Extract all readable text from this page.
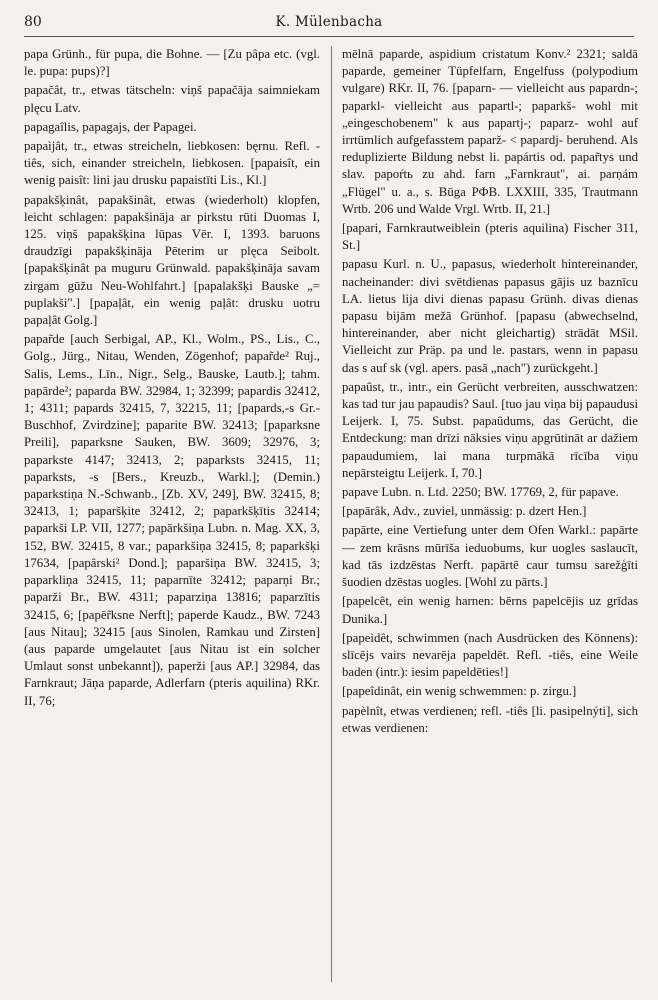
80	K. Mülenbacha

papa Grünh., für pupa, die Bohne. — [Zu pâpa etc. (vgl. le. pupa: pups)?]

papačât, tr., etwas tätscheln: viņš papačāja saimniekam plęcu Latv.

papagaîlis, papagajs, der Papagei.

papaìjât, tr., etwas streicheln, liebkosen: bęrnu. Refl. -tiês, sich, einander streicheln, liebkosen. [papaisît, ein wenig paisît: lini jau drusku papaistīti Lis., Kl.]

papakšķinât, papakšinât, etwas (wiederholt) klopfen, leicht schlagen: papakšināja ar pirkstu rūti Duomas I, 125. viņš papakšķina lūpas Vēr. I, 1393. baruons draudzīgi papakšķināja Pēterim ur plęca Seibolt. [papakšķinât pa muguru Grünwald. papakšķināja savam zirgam gūžu Neu-Wohlfahrt.] [papalakšķi Bauske „= puplakši".] [papaļât, ein wenig paļât: drusku uotru papaļât Golg.]

papar̃de [auch Serbigal, AP., Kl., Wolm., PS., Lis., C., Golg., Jürg., Nitau, Wenden, Zögenhof; papar̃de² Ruj., Salis, Lems., Līn., Nigr., Selg., Bauske, Lautb.]; tahm. papārde²; paparda BW. 32984, 1; 32399; papardis 32412, 1; 4311; papards 32415, 7, 32215, 11; [papards,-s Gr.-Buschhof, Zvirdzine]; paparite BW. 32413; [paparksne Preili], paparksne Sauken, BW. 3609; 32976, 3; paparkste 4147; 32413, 2; paparksts 32415, 11; paparksts, -s [Bers., Kreuzb., Warkl.]; (Demin.) paparkstiņa N.-Schwanb., [Zb. XV, 249], BW. 32415, 8; 32413, 1; paparšķite 32412, 2; paparkšķītis 32414; paparkši LP. VII, 1277; papārkšiņa Lubn. n. Mag. XX, 3, 152, BW. 32415, 8 var.; paparkšiņa 32415, 8; paparkšķi 17634, [papârski² Dond.]; paparšiņa BW. 32415, 3; paparkliņa 32415, 11; paparnīte 32412; paparņi Br.; paparži Br., BW. 4311; paparziņa 13816; paparzītis 32415, 6; [papēr̃ksne Nerft]; paperde Kaudz., BW. 7243 [aus Nitau]; 32415 [aus Sinolen, Ramkau und Zirsten] (aus paparde umgelautet [aus Nitau ist ein solcher Umlaut sonst unbekannt]), paperži [aus AP.] 32984, das Farnkraut; Jāņa paparde, Adlerfarn (pteris aquilina) RKr. II, 76;

mēlnā paparde, aspidium cristatum Konv.² 2321; saldā paparde, gemeiner Tüpfelfarn, Engelfuss (polypodium vulgare) RKr. II, 76. [paparn- — vielleicht aus papardn-; paparkl- vielleicht aus papartl-; paparkš- wohl mit „eingeschobenem" k aus papartj-; paparz- wohl auf irrtümlich aufgefasstem paparž- < papardj- beruhend. Als reduplizierte Bildung nebst li. papártis od. papar̃tys und slav. papoŕtь zu ahd. farn „Farnkraut", ai. parṇám „Flügel" u. a., s. Būga РФВ. LXXIII, 335, Trautmann Wrtb. 206 und Walde Vrgl. Wrtb. II, 21.]

[papari, Farnkrautweiblein (pteris aquilina) Fischer 311, St.]

papasu Kurl. n. U., papasus, wiederholt hintereinander, nacheinander: divi svētdienas papasus gājis uz baznīcu LA. lietus lija divi dienas papasu Grünh. divas dienas papasu bijām mežā Grünhof. [papasu (abwechselnd, hintereinander, aber nicht gleichartig) strādāt MSil. Vielleicht zur Präp. pa und le. pastars, wenn in papasu das s auf sk (vgl. apers. pasā „nach") zurückgeht.]

papaûst, tr., intr., ein Gerücht verbreiten, ausschwatzen: kas tad tur jau papaudis? Saul. [tuo jau viņa bij papaudusi Leijerk. I, 75. Subst. papaûdums, das Gerücht, die Entdeckung: man drīzi nāksies viņu apgrūtināt ar dažiem papaudumiem, lai mana turpmākā rīcība viņu nepārsteigtu Leijerk. I, 70.]

papave Lubn. n. Ltd. 2250; BW. 17769, 2, für papave.

[papārâk, Adv., zuviel, unmässig: p. dzert Hen.]

papārte, eine Vertiefung unter dem Ofen Warkl.: papārte — zem krāsns mūrīša ieduobums, kur uogles saslaucīt, kad tās izdzēstas Nerft. papārtē caur tumsu sarežģīti šuodien dzēstas uogles. [Wohl zu pārts.]

[papelcêt, ein wenig harnen: bērns papelcējis uz grīdas Dunika.]

[papeìdêt, schwimmen (nach Ausdrücken des Könnens): slīcējs vairs nevarēja papeldēt. Refl. -tiês, eine Weile baden (intr.): iesim papeldēties!]

[papeîdinât, ein wenig schwemmen: p. zirgu.]

papèlnît, etwas verdienen; refl. -tiês [li. pasipelnýti], sich etwas verdienen:
